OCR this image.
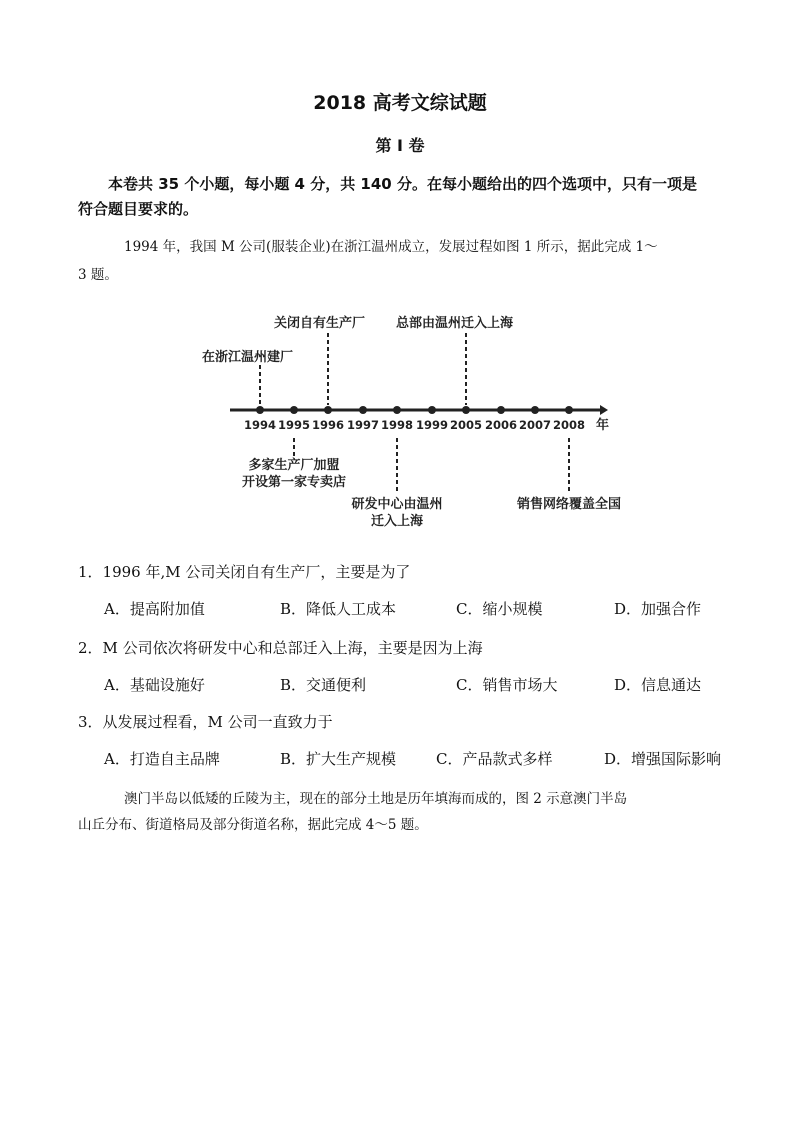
2018 高考文综试题
第 I 卷
本卷共 35 个小题，每小题 4 分，共 140 分。在每小题给出的四个选项中，只有一项是
符合题目要求的。
1994 年，我国 M 公司(服装企业)在浙江温州成立，发展过程如图 1 所示，据此完成 1～
3 题。
1994 1995 1996 1997 1998 1999 2005 2006 2007 2008 年
在浙江温州建厂
关闭自有生产厂 总部由温州迁入上海
多家生产厂加盟
开设第一家专卖店
研发中心由温州
迁入上海
销售网络覆盖全国
1．1996 年,M 公司关闭自有生产厂，主要是为了
A．提高附加值	B．降低人工成本	C．缩小规模	D．加强合作
2．M 公司依次将研发中心和总部迁入上海，主要是因为上海
A．基础设施好	B．交通便利	C．销售市场大	D．信息通达
3．从发展过程看，M 公司一直致力于
A．打造自主品牌	B．扩大生产规模	C．产品款式多样	D．增强国际影响
澳门半岛以低矮的丘陵为主，现在的部分土地是历年填海而成的，图 2 示意澳门半岛
山丘分布、街道格局及部分街道名称，据此完成 4～5 题。
